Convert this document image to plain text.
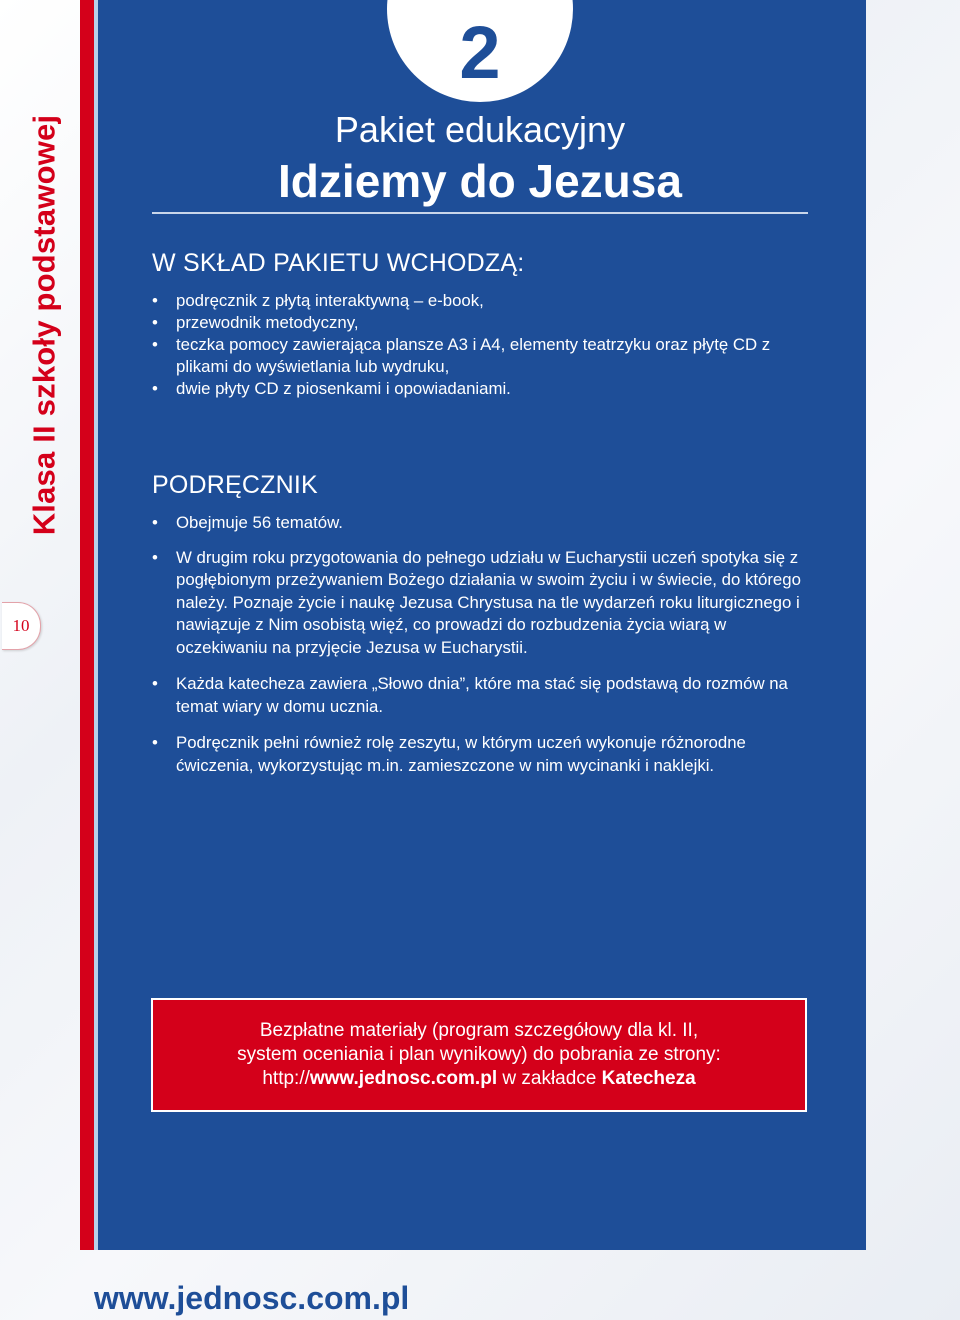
Klasa II szkoły podstawowej
10
2
Pakiet edukacyjny
Idziemy do Jezusa
W SKŁAD PAKIETU WCHODZĄ:
• podręcznik z płytą interaktywną – e-book,
• przewodnik metodyczny,
• teczka pomocy zawierająca plansze A3 i A4, elementy teatrzyku oraz płytę CD z plikami do wyświetlania lub wydruku,
• dwie płyty CD z piosenkami i opowiadaniami.
PODRĘCZNIK
• Obejmuje 56 tematów.
• W drugim roku przygotowania do pełnego udziału w Eucharystii uczeń spotyka się z pogłębionym przeżywaniem Bożego działania w swoim życiu i w świecie, do którego należy. Poznaje życie i naukę Jezusa Chrystusa na tle wydarzeń roku liturgicznego i nawiązuje z Nim osobistą więź, co prowadzi do rozbudzenia życia wiarą w oczekiwaniu na przyjęcie Jezusa w Eucharystii.
• Każda katecheza zawiera „Słowo dnia”, które ma stać się podstawą do rozmów na temat wiary w domu ucznia.
• Podręcznik pełni również rolę zeszytu, w którym uczeń wykonuje różnorodne ćwiczenia, wykorzystując m.in. zamieszczone w nim wycinanki i naklejki.
Bezpłatne materiały (program szczegółowy dla kl. II,
system oceniania i plan wynikowy) do pobrania ze strony:
http://www.jednosc.com.pl w zakładce Katecheza
www.jednosc.com.pl
